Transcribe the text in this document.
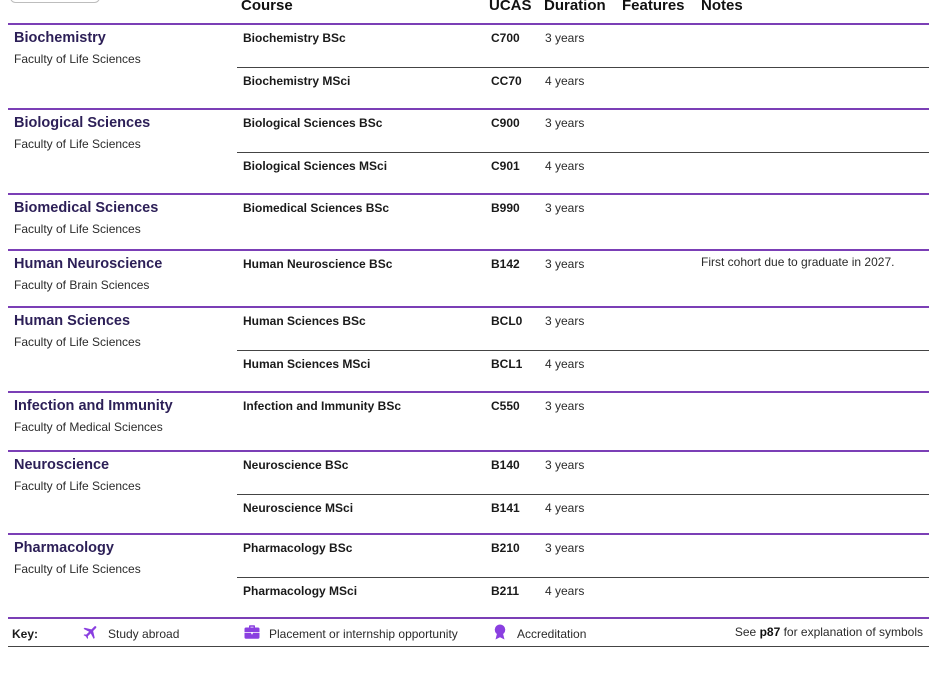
Course	UCAS Duration Features Notes
Biochemistry
Faculty of Life Sciences
Biochemistry BSc	C700 3 years
Biochemistry MSci	CC70 4 years
Biological Sciences
Faculty of Life Sciences
Biological Sciences BSc	C900 3 years
Biological Sciences MSci	C901 4 years
Biomedical Sciences
Faculty of Life Sciences
Biomedical Sciences BSc	B990 3 years
Human Neuroscience
Faculty of Brain Sciences
Human Neuroscience BSc	B142 3 years	First cohort due to graduate in 2027.
Human Sciences
Faculty of Life Sciences
Human Sciences BSc	BCL0 3 years
Human Sciences MSci	BCL1 4 years
Infection and Immunity
Faculty of Medical Sciences
Infection and Immunity BSc	C550 3 years
Neuroscience
Faculty of Life Sciences
Neuroscience BSc	B140 3 years
Neuroscience MSci	B141 4 years
Pharmacology
Faculty of Life Sciences
Pharmacology BSc	B210 3 years
Pharmacology MSci	B211 4 years
Key:	Study abroad	Placement or internship opportunity	Accreditation	See p87 for explanation of symbols
